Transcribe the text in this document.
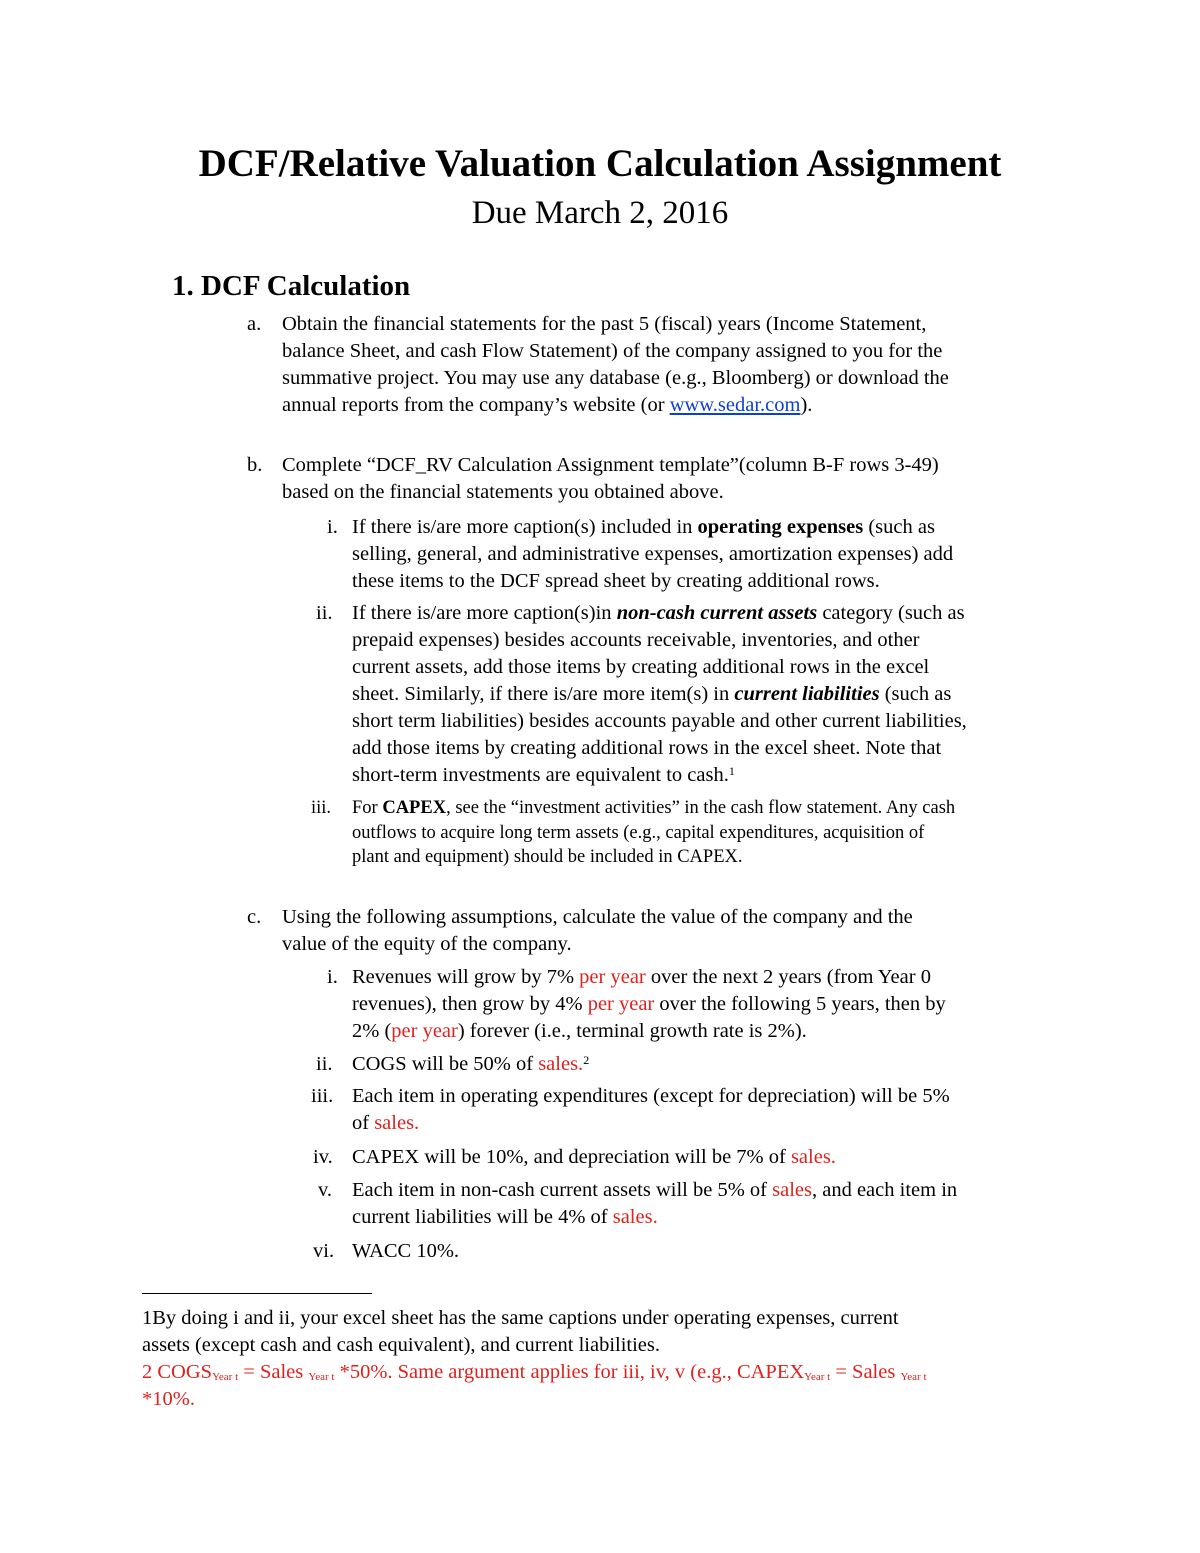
DCF/Relative Valuation Calculation Assignment
Due March 2, 2016
1. DCF Calculation
a. Obtain the financial statements for the past 5 (fiscal) years (Income Statement,
balance Sheet, and cash Flow Statement) of the company assigned to you for the
summative project. You may use any database (e.g., Bloomberg) or download the
annual reports from the company’s website (or www.sedar.com).
b. Complete “DCF_RV Calculation Assignment template”(column B-F rows 3-49)
based on the financial statements you obtained above.
i. If there is/are more caption(s) included in operating expenses (such as
selling, general, and administrative expenses, amortization expenses) add
these items to the DCF spread sheet by creating additional rows.
ii. If there is/are more caption(s)in non-cash current assets category (such as
prepaid expenses) besides accounts receivable, inventories, and other
current assets, add those items by creating additional rows in the excel
sheet. Similarly, if there is/are more item(s) in current liabilities (such as
short term liabilities) besides accounts payable and other current liabilities,
add those items by creating additional rows in the excel sheet. Note that
short-term investments are equivalent to cash.$^1$
iii. For CAPEX, see the “investment activities” in the cash flow statement. Any cash
outflows to acquire long term assets (e.g., capital expenditures, acquisition of
plant and equipment) should be included in CAPEX.
c. Using the following assumptions, calculate the value of the company and the
value of the equity of the company.
i. Revenues will grow by 7% per year over the next 2 years (from Year 0
revenues), then grow by 4% per year over the following 5 years, then by
2% (per year) forever (i.e., terminal growth rate is 2%).
ii. COGS will be 50% of sales.$^2$
iii. Each item in operating expenditures (except for depreciation) will be 5%
of sales.
iv. CAPEX will be 10%, and depreciation will be 7% of sales.
v. Each item in non-cash current assets will be 5% of sales, and each item in
current liabilities will be 4% of sales.
vi. WACC 10%.
1By doing i and ii, your excel sheet has the same captions under operating expenses, current
assets (except cash and cash equivalent), and current liabilities.
2 $COGS_{Year t}$ = Sales $_{Year t}$ *50%. Same argument applies for iii, iv, v (e.g., $CAPEX_{Year t}$ = Sales $_{Year t}$
*10%.
